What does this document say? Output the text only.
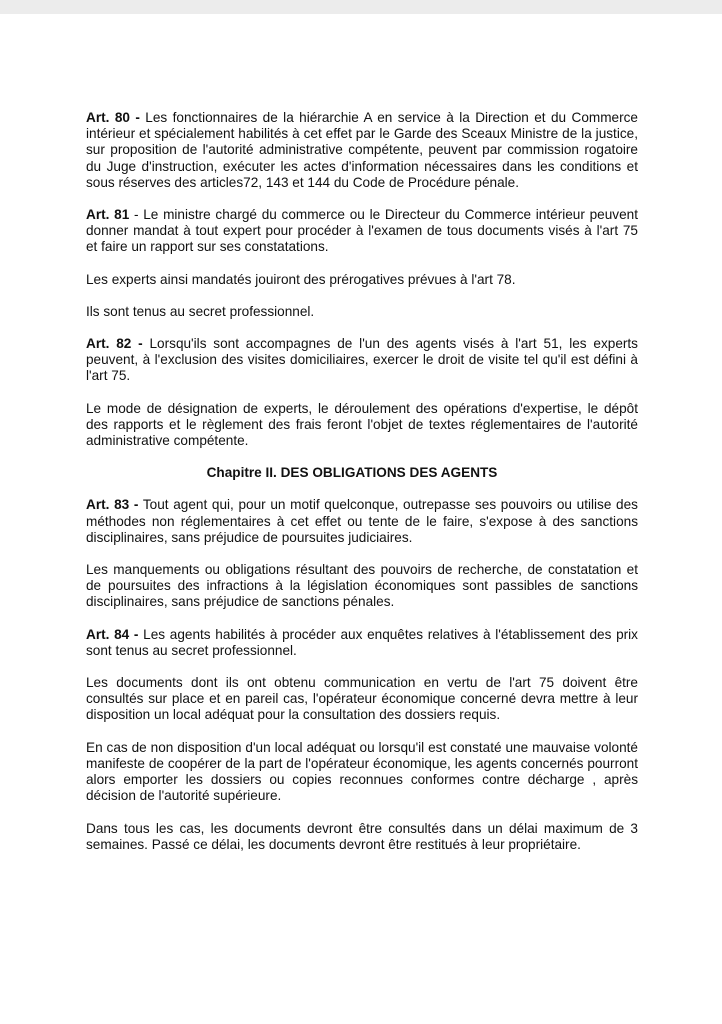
Art. 80 - Les fonctionnaires de la hiérarchie A en service à la Direction et du Commerce intérieur et spécialement habilités à cet effet par le Garde des Sceaux Ministre de la justice, sur proposition de l'autorité administrative compétente, peuvent par commission rogatoire du Juge d'instruction, exécuter les actes d'information nécessaires dans les conditions et sous réserves des articles72, 143 et 144 du Code de Procédure pénale.

Art. 81 - Le ministre chargé du commerce ou le Directeur du Commerce intérieur peuvent donner mandat à tout expert pour procéder à l'examen de tous documents visés à l'art 75 et faire un rapport sur ses constatations.

Les experts ainsi mandatés jouiront des prérogatives prévues à l'art 78.

Ils sont tenus au secret professionnel.

Art. 82 - Lorsqu'ils sont accompagnes de l'un des agents visés à l'art 51, les experts peuvent, à l'exclusion des visites domiciliaires, exercer le droit de visite tel qu'il est défini à l'art 75.

Le mode de désignation de experts, le déroulement des opérations d'expertise, le dépôt des rapports et le règlement des frais feront l'objet de textes réglementaires de l'autorité administrative compétente.

Chapitre II. DES OBLIGATIONS DES AGENTS

Art. 83 - Tout agent qui, pour un motif quelconque, outrepasse ses pouvoirs ou utilise des méthodes non réglementaires à cet effet ou tente de le faire, s'expose à des sanctions disciplinaires, sans préjudice de poursuites judiciaires.

Les manquements ou obligations résultant des pouvoirs de recherche, de constatation et de poursuites des infractions à la législation économiques sont passibles de sanctions disciplinaires, sans préjudice de sanctions pénales.

Art. 84 - Les agents habilités à procéder aux enquêtes relatives à l'établissement des prix sont tenus au secret professionnel.

Les documents dont ils ont obtenu communication en vertu de l'art 75 doivent être consultés sur place et en pareil cas, l'opérateur économique concerné devra mettre à leur disposition un local adéquat pour la consultation des dossiers requis.

En cas de non disposition d'un local adéquat ou lorsqu'il est constaté une mauvaise volonté manifeste de coopérer de la part de l'opérateur économique, les agents concernés pourront alors emporter les dossiers ou copies reconnues conformes contre décharge , après décision de l'autorité supérieure.

Dans tous les cas, les documents devront être consultés dans un délai maximum de 3 semaines. Passé ce délai, les documents devront être restitués à leur propriétaire.
